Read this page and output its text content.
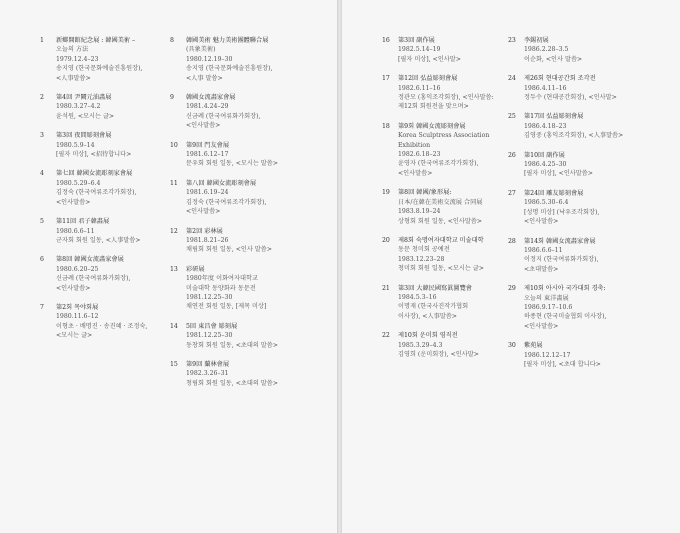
1	新鄕開館紀念展 : 韓國美術 –
오늘의 方法
1979.12.4–23
송지영 (한국문화예술진흥원장),
<人事말씀>
2	第4回 尹闕元油畵展
1980.3.27–4.2
윤석원, <모시는 글>
3	第3回 夜間彫刻會展
1980.5.9–14
[필자 미상], <招待합니다>
4	第七回 韓國女流彫刻家會展
1980.5.29–6.4
김정숙 (한국여류조각가회장),
<인사말씀>
5	第11回 君子韓畵展
1980.6.6–11
군자회 회원 일동, <人事말씀>
6	第8回 韓國女流畵家會展
1980.6.20–25
신금례 (한국여류화가회장),
<인사말씀>
7	第2회 목야회展
1980.11.6–12
이형초 · 배명진 · 송진혜 · 조정숙,
<모시는 글>
8	韓國美術 魅力美術團體聯合展
(具象美術)
1980.12.19–30
송지영 (한국문화예술진흥원장),
<人事 말씀>
9	韓國女流畵家會展
1981.4.24–29
신금례 (한국여류화가회장),
<인사말씀>
10	第9回 門友會展
1981.6.12–17
문우회 회원 일동, <모시는 말씀>
11	第八回 韓國女流彫刻會展
1981.6.19–24
김정숙 (한국여류조각가회장),
<인사말씀>
12	第2回 彩林展
1981.8.21–26
채림회 회원 일동, <인사 말씀>
13	彩研展
1980年度 이화여자대학교
미술대학 동양화과 동문전
1981.12.25–30
채연전 회원 일동, [제목 미상]
14	5回 東昌會 彫刻展
1981.12.25–30
동창회 회원 일동, <초대의 말씀>
15	第9回 蘭林會展
1982.3.26–31
청림회 회원 일동, <초대의 말씀>
16	第3回 副作展
1982.5.14–19
[필자 미상], <인사말>
17	第12回 弘益彫刻會展
1982.6.11–16
정관모 (홍익조각회장), <인사말씀:
제12회 회원전을 맞으며>
18	第9회 韓國女流彫刻會展
Korea Sculptress Association
Exhibition
1982.6.18–23
윤영자 (한국여류조각가회장),
<인사말씀>
19	第8回 韓國/象形展:
日本/在韓在美術交流展 合同展
1983.8.19–24
상형회 회원 일동, <인사말씀>
20	제8회 숙명여자대학교 미술대학
동문 청미회 공예전
1983.12.23–28
청미회 회원 일동, <모시는 글>
21	第3回 大韓民國寫眞圖覽會
1984.5.3–16
이명재 (한국사진작가협회
이사장), <人事말씀>
22	제10회 운미회 염직전
1985.3.29–4.3
김영희 (운미회장), <인사말>
23	李錫初展
1986.2.28–3.5
이순화, <인사 말씀>
24	제26회 현대공간회 조각전
1986.4.11–16
정두수 (현대공간회장), <인사말>
25	第17回 弘益彫刻會展
1986.4.18–23
김영중 (홍익조각회장), <人事말씀>
26	第10回 副作展
1986.4.25–30
[필자 미상], <인사말씀>
27	第24回 雕友彫刻會展
1986.5.30–6.4
[성명 미상] (낙우조각회장),
<인사말씀>
28	第14회 韓國女流畵家會展
1986.6.6–11
이정지 (한국여류화가회장),
<초대말씀>
29	제10회 아시아 국가대회 경축:
오늘의 東洋畵展
1986.9.17–10.6
하종현 (한국미술협회 이사장),
<인사말씀>
30	紫苑展
1986.12.12–17
[필자 미상], <초대 합니다>
